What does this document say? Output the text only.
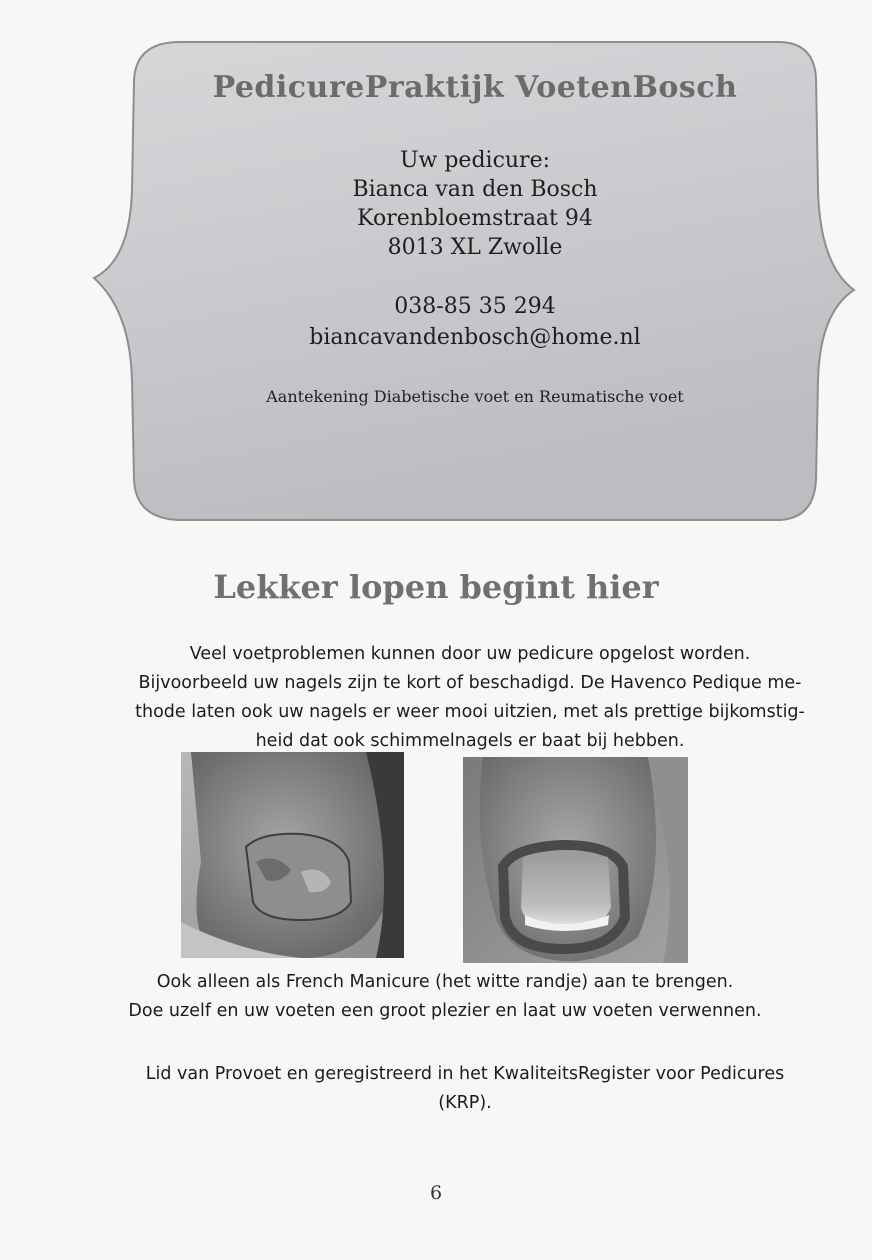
PedicurePraktijk VoetenBosch
Uw pedicure:
Bianca van den Bosch
Korenbloemstraat 94
8013 XL Zwolle
038-85 35 294
biancavandenbosch@home.nl
Aantekening Diabetische voet en Reumatische voet
Lekker lopen begint hier
Veel voetproblemen kunnen door uw pedicure opgelost worden.
Bijvoorbeeld uw nagels zijn te kort of beschadigd. De Havenco Pedique me-
thode laten ook uw nagels er weer mooi uitzien, met als prettige bijkomstig-
heid dat ook schimmelnagels er baat bij hebben.
Ook alleen als French Manicure (het witte randje) aan te brengen.
Doe uzelf en uw voeten een groot plezier en laat uw voeten verwennen.
Lid van Provoet en geregistreerd in het KwaliteitsRegister voor Pedicures
(KRP).
6
